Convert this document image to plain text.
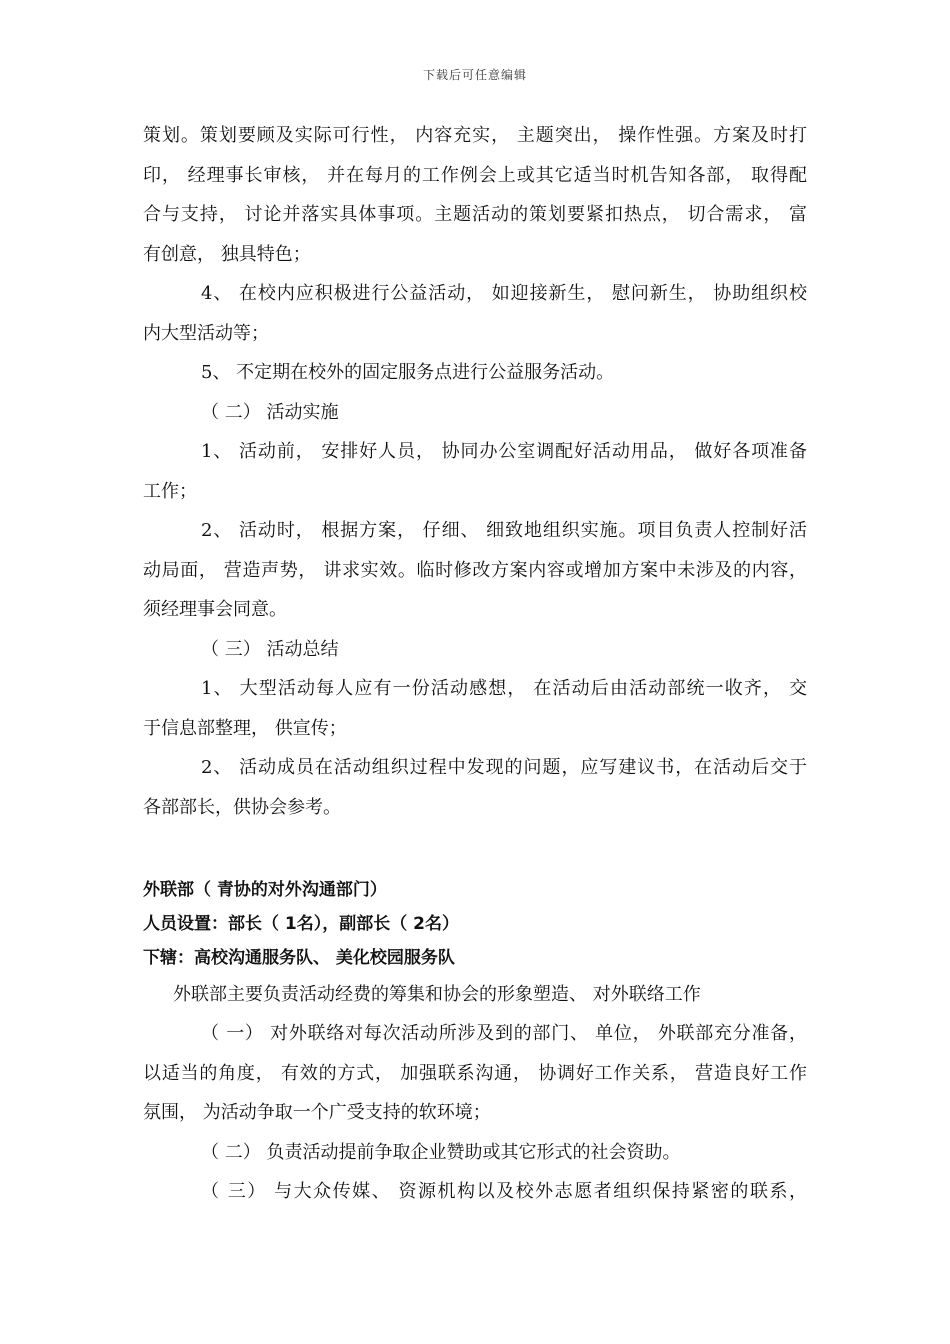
下载后可任意编辑
策划。策划要顾及实际可行性， 内容充实， 主题突出， 操作性强。方案及时打
印， 经理事长审核， 并在每月的工作例会上或其它适当时机告知各部， 取得配
合与支持， 讨论并落实具体事项。主题活动的策划要紧扣热点， 切合需求， 富
有创意， 独具特色；
4、 在校内应积极进行公益活动， 如迎接新生， 慰问新生， 协助组织校
内大型活动等；
5、 不定期在校外的固定服务点进行公益服务活动。
（ 二） 活动实施
1、 活动前， 安排好人员， 协同办公室调配好活动用品， 做好各项准备
工作；
2、 活动时， 根据方案， 仔细、 细致地组织实施。项目负责人控制好活
动局面， 营造声势， 讲求实效。临时修改方案内容或增加方案中未涉及的内容，
须经理事会同意。
（ 三） 活动总结
1、 大型活动每人应有一份活动感想， 在活动后由活动部统一收齐， 交
于信息部整理， 供宣传；
2、 活动成员在活动组织过程中发现的问题，应写建议书，在活动后交于
各部部长，供协会参考。
外联部（ 青协的对外沟通部门）
人员设置：部长（ 1名），副部长（ 2名）
下辖：高校沟通服务队、 美化校园服务队
外联部主要负责活动经费的筹集和协会的形象塑造、 对外联络工作
（ 一） 对外联络对每次活动所涉及到的部门、 单位， 外联部充分准备，
以适当的角度， 有效的方式， 加强联系沟通， 协调好工作关系， 营造良好工作
氛围， 为活动争取一个广受支持的软环境；
（ 二） 负责活动提前争取企业赞助或其它形式的社会资助。
（ 三） 与大众传媒、 资源机构以及校外志愿者组织保持紧密的联系，
